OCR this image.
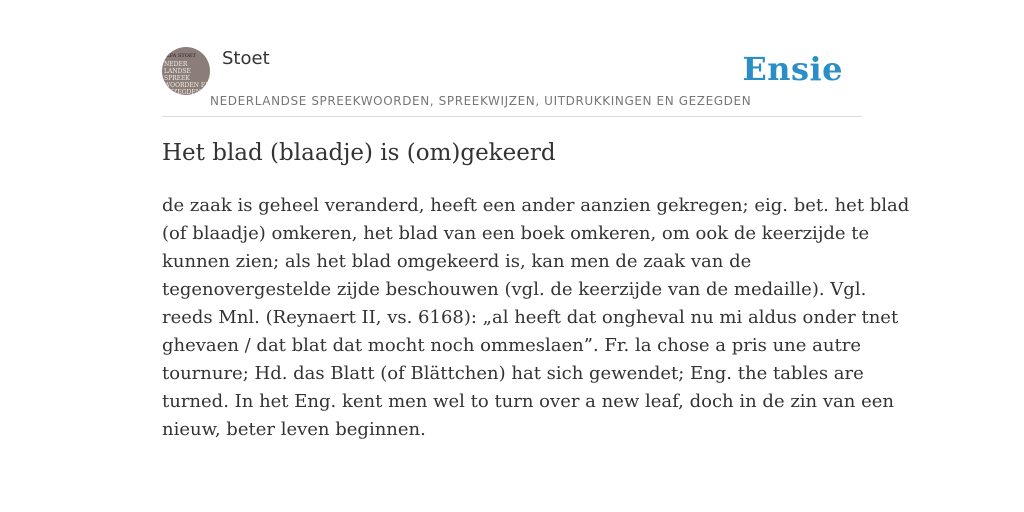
KFA STOET
NEDER
LANDSE
SPREEK
WOORDEN EN
GEZEGDEN
Stoet
NEDERLANDSE SPREEKWOORDEN, SPREEKWIJZEN, UITDRUKKINGEN EN GEZEGDEN
Ensie
Het blad (blaadje) is (om)gekeerd
de zaak is geheel veranderd, heeft een ander aanzien gekregen; eig. bet. het blad
(of blaadje) omkeren, het blad van een boek omkeren, om ook de keerzijde te
kunnen zien; als het blad omgekeerd is, kan men de zaak van de
tegenovergestelde zijde beschouwen (vgl. de keerzijde van de medaille). Vgl.
reeds Mnl. (Reynaert II, vs. 6168): „al heeft dat ongheval nu mi aldus onder tnet
ghevaen / dat blat dat mocht noch ommeslaen”. Fr. la chose a pris une autre
tournure; Hd. das Blatt (of Blättchen) hat sich gewendet; Eng. the tables are
turned. In het Eng. kent men wel to turn over a new leaf, doch in de zin van een
nieuw, beter leven beginnen.
